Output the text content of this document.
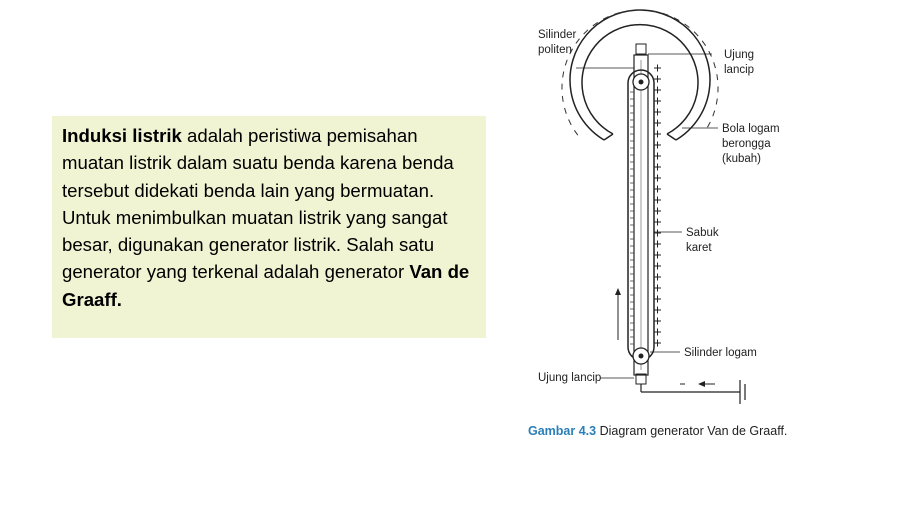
Induksi listrik adalah peristiwa pemisahan muatan listrik dalam suatu benda karena benda tersebut didekati benda lain yang bermuatan.
Untuk menimbulkan muatan listrik yang sangat besar, digunakan generator listrik. Salah satu generator yang terkenal adalah generator Van de Graaff.

Silinder
politen	Ujung
lancip
Bola logam
berongga
(kubah)
Sabuk
karet
Silinder logam
Ujung lancip
Gambar 4.3 Diagram generator Van de Graaff.
